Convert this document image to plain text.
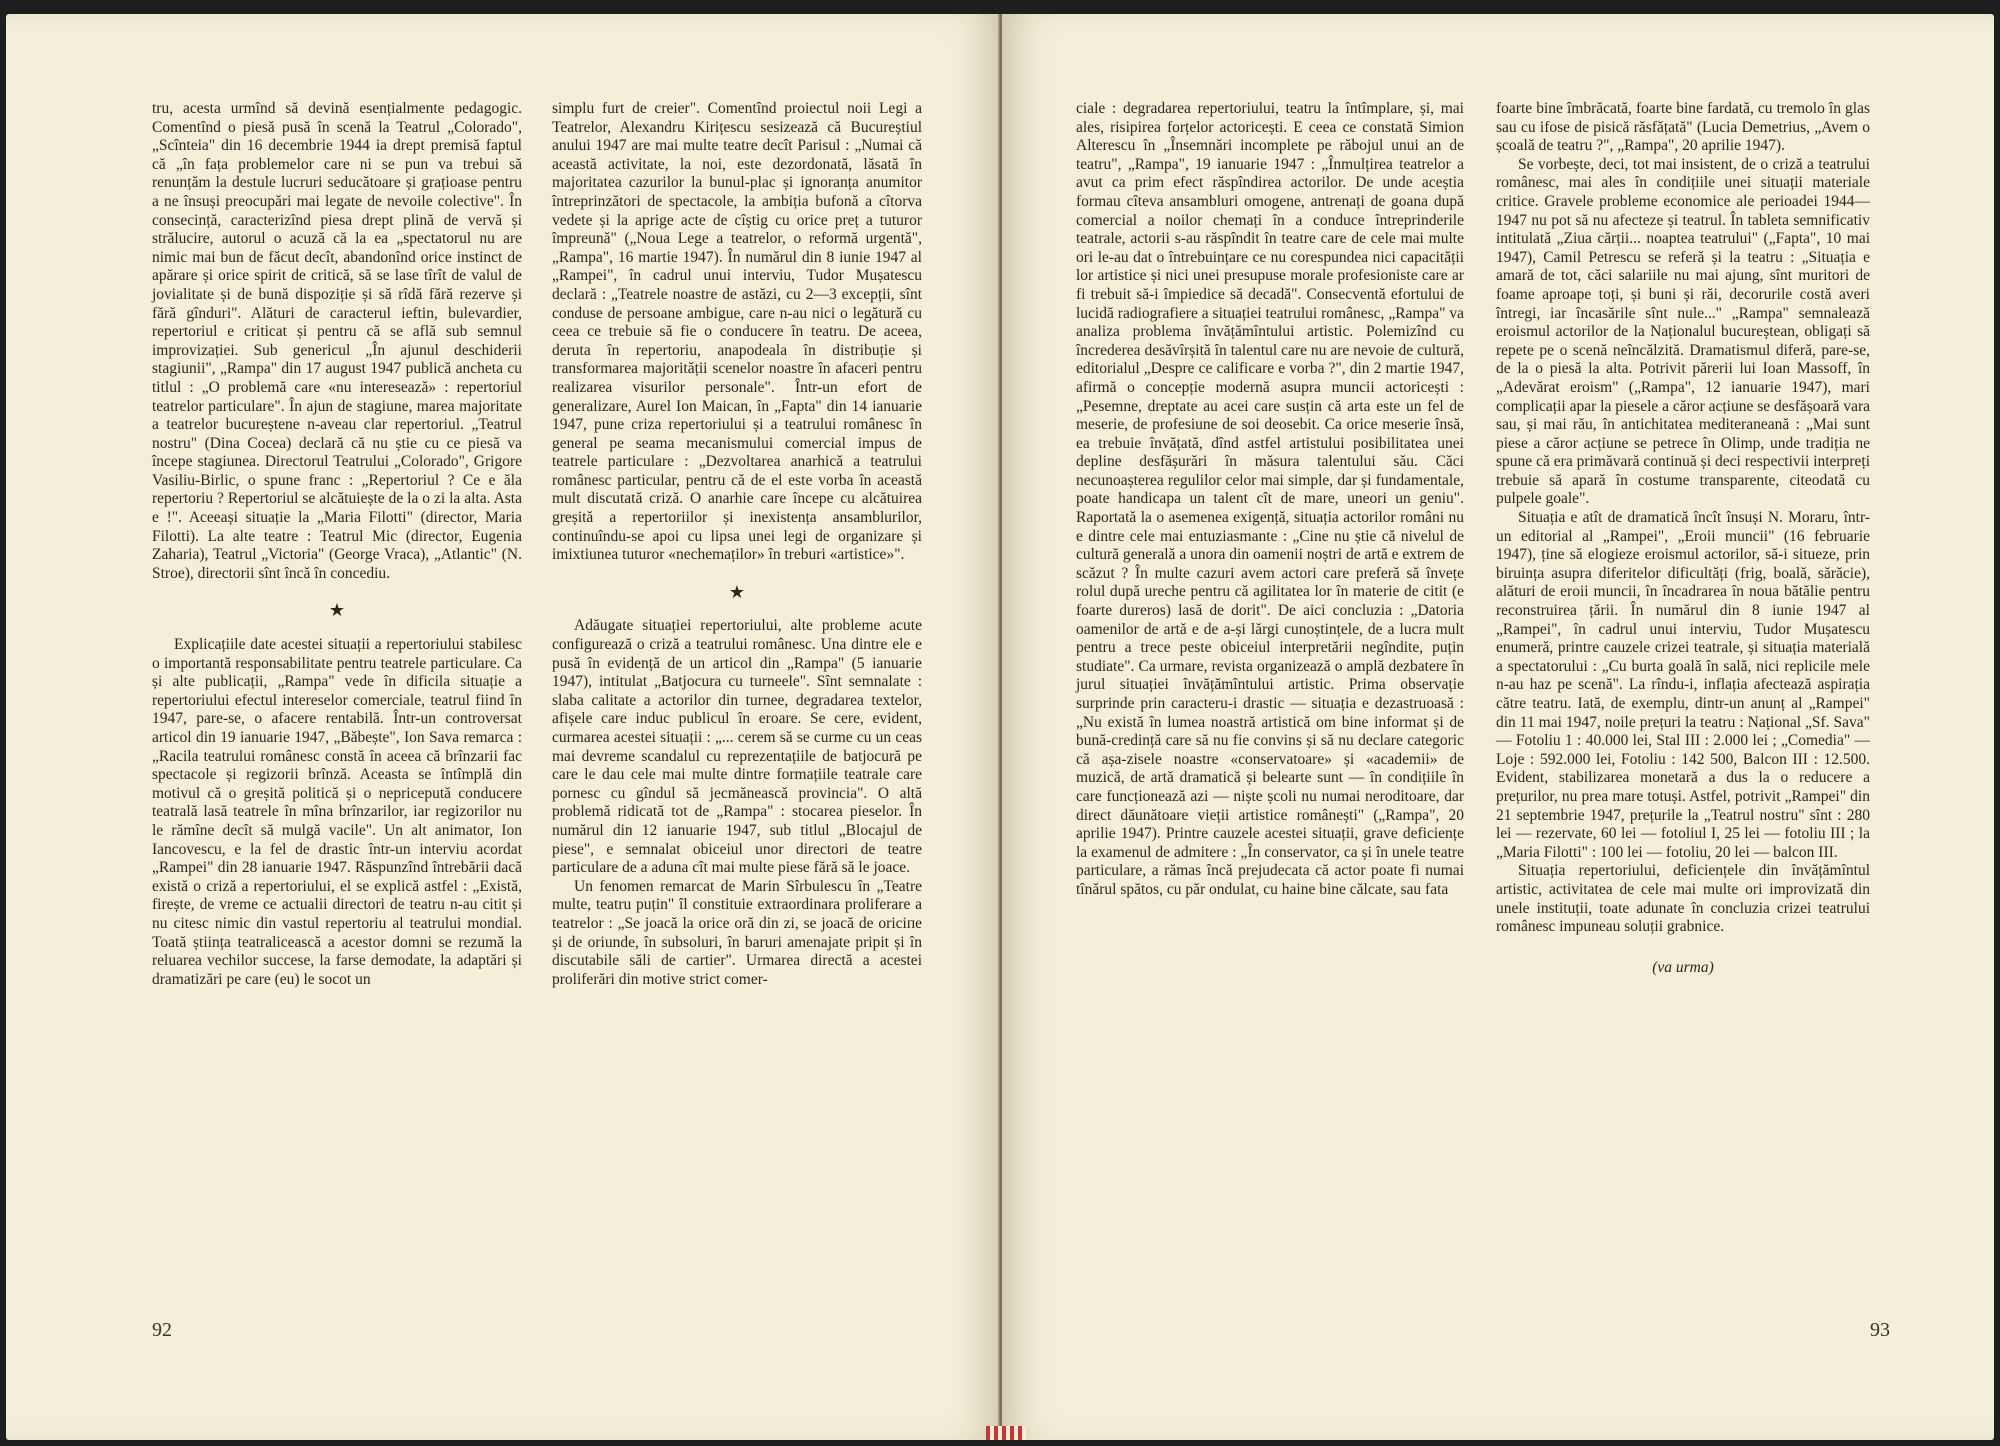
tru, acesta urmînd să devină esențialmente pedagogic. Comentînd o piesă pusă în scenă la Teatrul „Colorado", „Scînteia" din 16 decembrie 1944 ia drept premisă faptul că „în fața problemelor care ni se pun va trebui să renunțăm la destule lucruri seducătoare și grațioase pentru a ne însuși preocupări mai legate de nevoile colective". În consecință, caracterizînd piesa drept plină de vervă și strălucire, autorul o acuză că la ea „spectatorul nu are nimic mai bun de făcut decît, abandonînd orice instinct de apărare și orice spirit de critică, să se lase tîrît de valul de jovialitate și de bună dispoziție și să rîdă fără rezerve și fără gînduri". Alături de caracterul ieftin, bulevardier, repertoriul e criticat și pentru că se află sub semnul improvizației. Sub genericul „În ajunul deschiderii stagiunii", „Rampa" din 17 august 1947 publică ancheta cu titlul : „O problemă care «nu interesează» : repertoriul teatrelor particulare". În ajun de stagiune, marea majoritate a teatrelor bucureștene n-aveau clar repertoriul. „Teatrul nostru" (Dina Cocea) declară că nu știe cu ce piesă va începe stagiunea. Directorul Teatrului „Colorado", Grigore Vasiliu-Birlic, o spune franc : „Repertoriul ? Ce e ăla repertoriu ? Repertoriul se alcătuiește de la o zi la alta. Asta e !". Aceeași situație la „Maria Filotti" (director, Maria Filotti). La alte teatre : Teatrul Mic (director, Eugenia Zaharia), Teatrul „Victoria" (George Vraca), „Atlantic" (N. Stroe), directorii sînt încă în concediu.

★

Explicațiile date acestei situații a repertoriului stabilesc o importantă responsabilitate pentru teatrele particulare. Ca și alte publicații, „Rampa" vede în dificila situație a repertoriului efectul intereselor comerciale, teatrul fiind în 1947, pare-se, o afacere rentabilă. Într-un controversat articol din 19 ianuarie 1947, „Băbeștе", Ion Sava remarca : „Racila teatrului românesc constă în aceea că brînzarii fac spectacole și regizorii brînză. Aceasta se întîmplă din motivul că o greșită politică și o nepricepută conducere teatrală lasă teatrele în mîna brînzarilor, iar regizorilor nu le rămîne decît să mulgă vacile". Un alt animator, Ion Iancovescu, e la fel de drastic într-un interviu acordat „Rampei" din 28 ianuarie 1947. Răspunzînd întrebării dacă există o criză a repertoriului, el se explică astfel : „Există, firește, de vreme ce actualii directori de teatru n-au citit și nu citesc nimic din vastul repertoriu al teatrului mondial. Toată știința teatralicească a acestor domni se rezumă la reluarea vechilor succese, la farse demodate, la adaptări și dramatizări pe care (eu) le socot un

simplu furt de creier". Comentînd proiectul noii Legi a Teatrelor, Alexandru Kirițescu sesizează că Bucureștiul anului 1947 are mai multe teatre decît Parisul : „Numai că această activitate, la noi, este dezordonată, lăsată în majoritatea cazurilor la bunul-plac și ignoranța anumitor întreprinzători de spectacole, la ambiția bufonă a cîtorva vedete și la aprige acte de cîștig cu orice preț a tuturor împreună" („Noua Lege a teatrelor, o reformă urgentă", „Rampa", 16 martie 1947). În numărul din 8 iunie 1947 al „Rampei", în cadrul unui interviu, Tudor Mușatescu declară : „Teatrele noastre de astăzi, cu 2—3 excepții, sînt conduse de persoane ambigue, care n-au nici o legătură cu ceea ce trebuie să fie o conducere în teatru. De aceea, deruta în repertoriu, anapodeala în distribuție și transformarea majorității scenelor noastre în afaceri pentru realizarea visurilor personale". Într-un efort de generalizare, Aurel Ion Maican, în „Fapta" din 14 ianuarie 1947, pune criza repertoriului și a teatrului românesc în general pe seama mecanismului comercial impus de teatrele particulare : „Dezvoltarea anarhică a teatrului românesc particular, pentru că de el este vorba în această mult discutată criză. O anarhie care începe cu alcătuirea greșită a repertoriilor și inexistența ansamblurilor, continuîndu-se apoi cu lipsa unei legi de organizare și imixtiunea tuturor «nechemaților» în treburi «artistice»".

★

Adăugate situației repertoriului, alte probleme acute configurează o criză a teatrului românesc. Una dintre ele e pusă în evidență de un articol din „Rampa" (5 ianuarie 1947), intitulat „Batjocura cu turneele". Sînt semnalate : slaba calitate a actorilor din turnee, degradarea textelor, afișele care induc publicul în eroare. Se cere, evident, curmarea acestei situații : „... cerem să se curme cu un ceas mai devreme scandalul cu reprezentațiile de batjocură pe care le dau cele mai multe dintre formațiile teatrale care pornesc cu gîndul să jecmănească provincia". O altă problemă ridicată tot de „Rampa" : stocarea pieselor. În numărul din 12 ianuarie 1947, sub titlul „Blocajul de piese", e semnalat obiceiul unor directori de teatre particulare de a aduna cît mai multe piese fără să le joace.

Un fenomen remarcat de Marin Sîrbulescu în „Teatre multe, teatru puțin" îl constituie extraordinara proliferare a teatrelor : „Se joacă la orice oră din zi, se joacă de oriciпе și de oriunde, în subsoluri, în baruri amenajate pripit și în discutabile săli de cartier". Urmarea directă a acestei proliferări din motive strict comer-

92

ciale : degradarea repertoriului, teatru la întîmplare, și, mai ales, risipirea forțelor actoricești. E ceea ce constată Simion Alterescu în „Însemnări incomplete pe răbojul unui an de teatru", „Rampa", 19 ianuarie 1947 : „Înmulțirea teatrelor a avut ca prim efect răspîndirea actorilor. De unde aceștia formau cîteva ansambluri omogene, antrenați de goana după comercial a noilor chemați în a conduce întreprinderile teatrale, actorii s-au răspîndit în teatre care de cele mai multe ori le-au dat o întrebuințare ce nu corespundea nici capacității lor artistice și nici unei presupuse morale profesioniste care ar fi trebuit să-i împiedice să decadă". Consecventă efortului de lucidă radiografiere a situației teatrului românesc, „Rampa" va analiza problema învățămîntului artistic. Polemizînd cu încrederea desăvîrșită în talentul care nu are nevoie de cultură, editorialul „Despre ce calificare e vorba ?", din 2 martie 1947, afirmă o concepție modernă asupra muncii actoricești : „Pesemne, dreptate au acei care susțin că arta este un fel de meserie, de profesiune de soi deosebit. Ca orice meserie însă, ea trebuie învățată, dînd astfel artistului posibilitatea unei depline desfășurări în măsura talentului său. Căci necunoașterea regulilor celor mai simple, dar și fundamentale, poate handicapa un talent cît de mare, uneori un geniu". Raportată la o asemenea exigență, situația actorilor români nu e dintre cele mai entuziasmante : „Cine nu știe că nivelul de cultură generală a unora din oamenii noștri de artă e extrem de scăzut ? În multe cazuri avem actori care preferă să învețe rolul după ureche pentru că agilitatea lor în materie de citit (e foarte dureros) lasă de dorit". De aici concluzia : „Datoria oamenilor de artă e de a-și lărgi cunoștințele, de a lucra mult pentru a trece peste obiceiul interpretării negîndite, puțin studiate". Ca urmare, revista organizează o amplă dezbatere în jurul situației învățămîntului artistic. Prima observație surprinde prin caracteru-i drastic — situația e dezastruoasă : „Nu există în lumea noastră artistică om bine informat și de bună-credință care să nu fie convins și să nu declare categoric că așa-zisele noastre «conservatoare» și «academii» de muzică, de artă dramatică și belearte sunt — în condițiile în care funcționează azi — niște școli nu numai neroditoare, dar direct dăunătoare vieții artistice românești" („Rampa", 20 aprilie 1947). Printre cauzele acestei situații, grave deficiențe la examenul de admitere : „În conservator, ca și în unele teatre particulare, a rămas încă prejudecata că actor poate fi numai tînărul spătos, cu păr ondulat, cu haine bine călcate, sau fata

foarte bine îmbrăcată, foarte bine fardată, cu tremolo în glas sau cu ifose de pisică răsfățată" (Lucia Demetrius, „Avem o școală de teatru ?", „Rampa", 20 aprilie 1947).

Se vorbește, deci, tot mai insistent, de o criză a teatrului românesc, mai ales în condițiile unei situații materiale critice. Gravele probleme economice ale perioadei 1944—1947 nu pot să nu afecteze și teatrul. În tableta semnificativ intitulată „Ziua cărții... noaptea teatrului" („Fapta", 10 mai 1947), Camil Petrescu se referă și la teatru : „Situația e amară de tot, căci salariile nu mai ajung, sînt muritori de foame aproape toți, și buni și răi, decorurile costă averi întregi, iar încasările sînt nule..." „Rampa" semnalează eroismul actorilor de la Naționalul bucureștean, obligați să repete pe o scenă neîncălzită. Dramatismul diferă, pare-se, de la o piesă la alta. Potrivit părerii lui Ioan Massoff, în „Adevărat eroism" („Rampa", 12 ianuarie 1947), mari complicații apar la piesele a căror acțiune se desfășoară vara sau, și mai rău, în antichitatea mediteraneană : „Mai sunt piese a căror acțiune se petrece în Olimp, unde tradiția ne spune că era primăvară continuă și deci respectivii interpreți trebuie să apară în costume transparente, citeodată cu pulpele goale".

Situația e atît de dramatică încît însuși N. Moraru, într-un editorial al „Rampei", „Eroii muncii" (16 februarie 1947), ține să elogieze eroismul actorilor, să-i situeze, prin biruința asupra diferitelor dificultăți (frig, boală, sărăcie), alături de eroii muncii, în încadrarea în noua bătălie pentru reconstruirea țării. În numărul din 8 iunie 1947 al „Rampei", în cadrul unui interviu, Tudor Mușatescu enumeră, printre cauzele crizei teatrale, și situația materială a spectatorului : „Cu burta goală în sală, nici replicile mele n-au haz pe scenă". La rîndu-i, inflația afectează aspirația către teatru. Iată, de exemplu, dintr-un anunț al „Rampei" din 11 mai 1947, noile prețuri la teatru : Național „Sf. Sava" — Fotoliu 1 : 40.000 lei, Stal III : 2.000 lei ; „Comedia" — Loje : 592.000 lei, Fotoliu : 142 500, Balcon III : 12.500. Evident, stabilizarea monetară a dus la o reducere a prețurilor, nu prea mare totuși. Astfel, potrivit „Rampei" din 21 septembrie 1947, prețurile la „Teatrul nostru" sînt : 280 lei — rezervate, 60 lei — fotoliul I, 25 lei — fotoliu III ; la „Maria Filotti" : 100 lei — fotoliu, 20 lei — balcon III.

Situația repertoriului, deficiențele din învățămîntul artistic, activitatea de cele mai multe ori improvizată din unele instituții, toate adunate în concluzia crizei teatrului românesc impuneau soluții grabnice.

(va urma)
93
